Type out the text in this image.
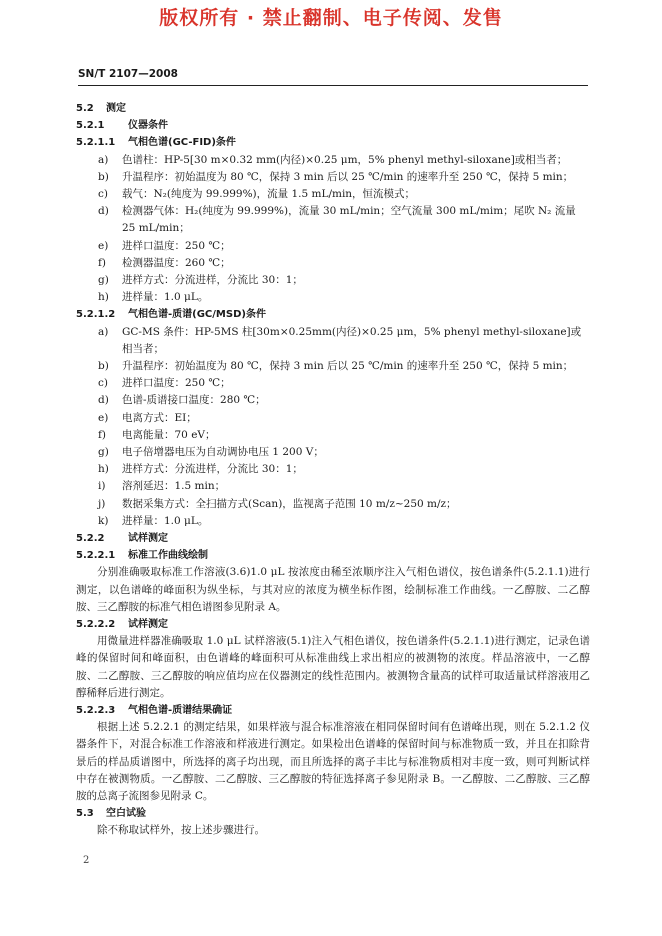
版权所有 · 禁止翻制、电子传阅、发售
SN/T 2107—2008
5.2 测定
5.2.1 仪器条件
5.2.1.1 气相色谱(GC-FID)条件
a) 色谱柱：HP-5[30 m×0.32 mm(内径)×0.25 μm，5% phenyl methyl-siloxane]或相当者；
b) 升温程序：初始温度为 80 ℃，保持 3 min 后以 25 ℃/min 的速率升至 250 ℃，保持 5 min；
c) 载气：N₂(纯度为 99.999%)，流量 1.5 mL/min，恒流模式；
d) 检测器气体：H₂(纯度为 99.999%)，流量 30 mL/min；空气流量 300 mL/mim；尾吹 N₂ 流量 25 mL/min；
e) 进样口温度：250 ℃；
f) 检测器温度：260 ℃；
g) 进样方式：分流进样，分流比 30：1；
h) 进样量：1.0 μL。
5.2.1.2 气相色谱-质谱(GC/MSD)条件
a) GC-MS 条件：HP-5MS 柱[30m×0.25mm(内径)×0.25 μm，5% phenyl methyl-siloxane]或相当者；
b) 升温程序：初始温度为 80 ℃，保持 3 min 后以 25 ℃/min 的速率升至 250 ℃，保持 5 min；
c) 进样口温度：250 ℃；
d) 色谱-质谱接口温度：280 ℃；
e) 电离方式：EI；
f) 电离能量：70 eV；
g) 电子倍增器电压为自动调协电压 1 200 V；
h) 进样方式：分流进样，分流比 30：1；
i) 溶剂延迟：1.5 min；
j) 数据采集方式：全扫描方式(Scan)，监视离子范围 10 m/z~250 m/z；
k) 进样量：1.0 μL。
5.2.2 试样测定
5.2.2.1 标准工作曲线绘制
分别准确吸取标准工作溶液(3.6)1.0 μL 按浓度由稀至浓顺序注入气相色谱仪，按色谱条件(5.2.1.1)进行测定，以色谱峰的峰面积为纵坐标，与其对应的浓度为横坐标作图，绘制标准工作曲线。一乙醇胺、二乙醇胺、三乙醇胺的标准气相色谱图参见附录 A。
5.2.2.2 试样测定
用微量进样器准确吸取 1.0 μL 试样溶液(5.1)注入气相色谱仪，按色谱条件(5.2.1.1)进行测定，记录色谱峰的保留时间和峰面积，由色谱峰的峰面积可从标准曲线上求出相应的被测物的浓度。样品溶液中，一乙醇胺、二乙醇胺、三乙醇胺的响应值均应在仪器测定的线性范围内。被测物含量高的试样可取适量试样溶液用乙醇稀释后进行测定。
5.2.2.3 气相色谱-质谱结果确证
根据上述 5.2.2.1 的测定结果，如果样液与混合标准溶液在相同保留时间有色谱峰出现，则在 5.2.1.2 仪器条件下，对混合标准工作溶液和样液进行测定。如果检出色谱峰的保留时间与标准物质一致，并且在扣除背景后的样品质谱图中，所选择的离子均出现，而且所选择的离子丰比与标准物质相对丰度一致，则可判断试样中存在被测物质。一乙醇胺、二乙醇胺、三乙醇胺的特征选择离子参见附录 B。一乙醇胺、二乙醇胺、三乙醇胺的总离子流图参见附录 C。
5.3 空白试验
除不称取试样外，按上述步骤进行。
2
